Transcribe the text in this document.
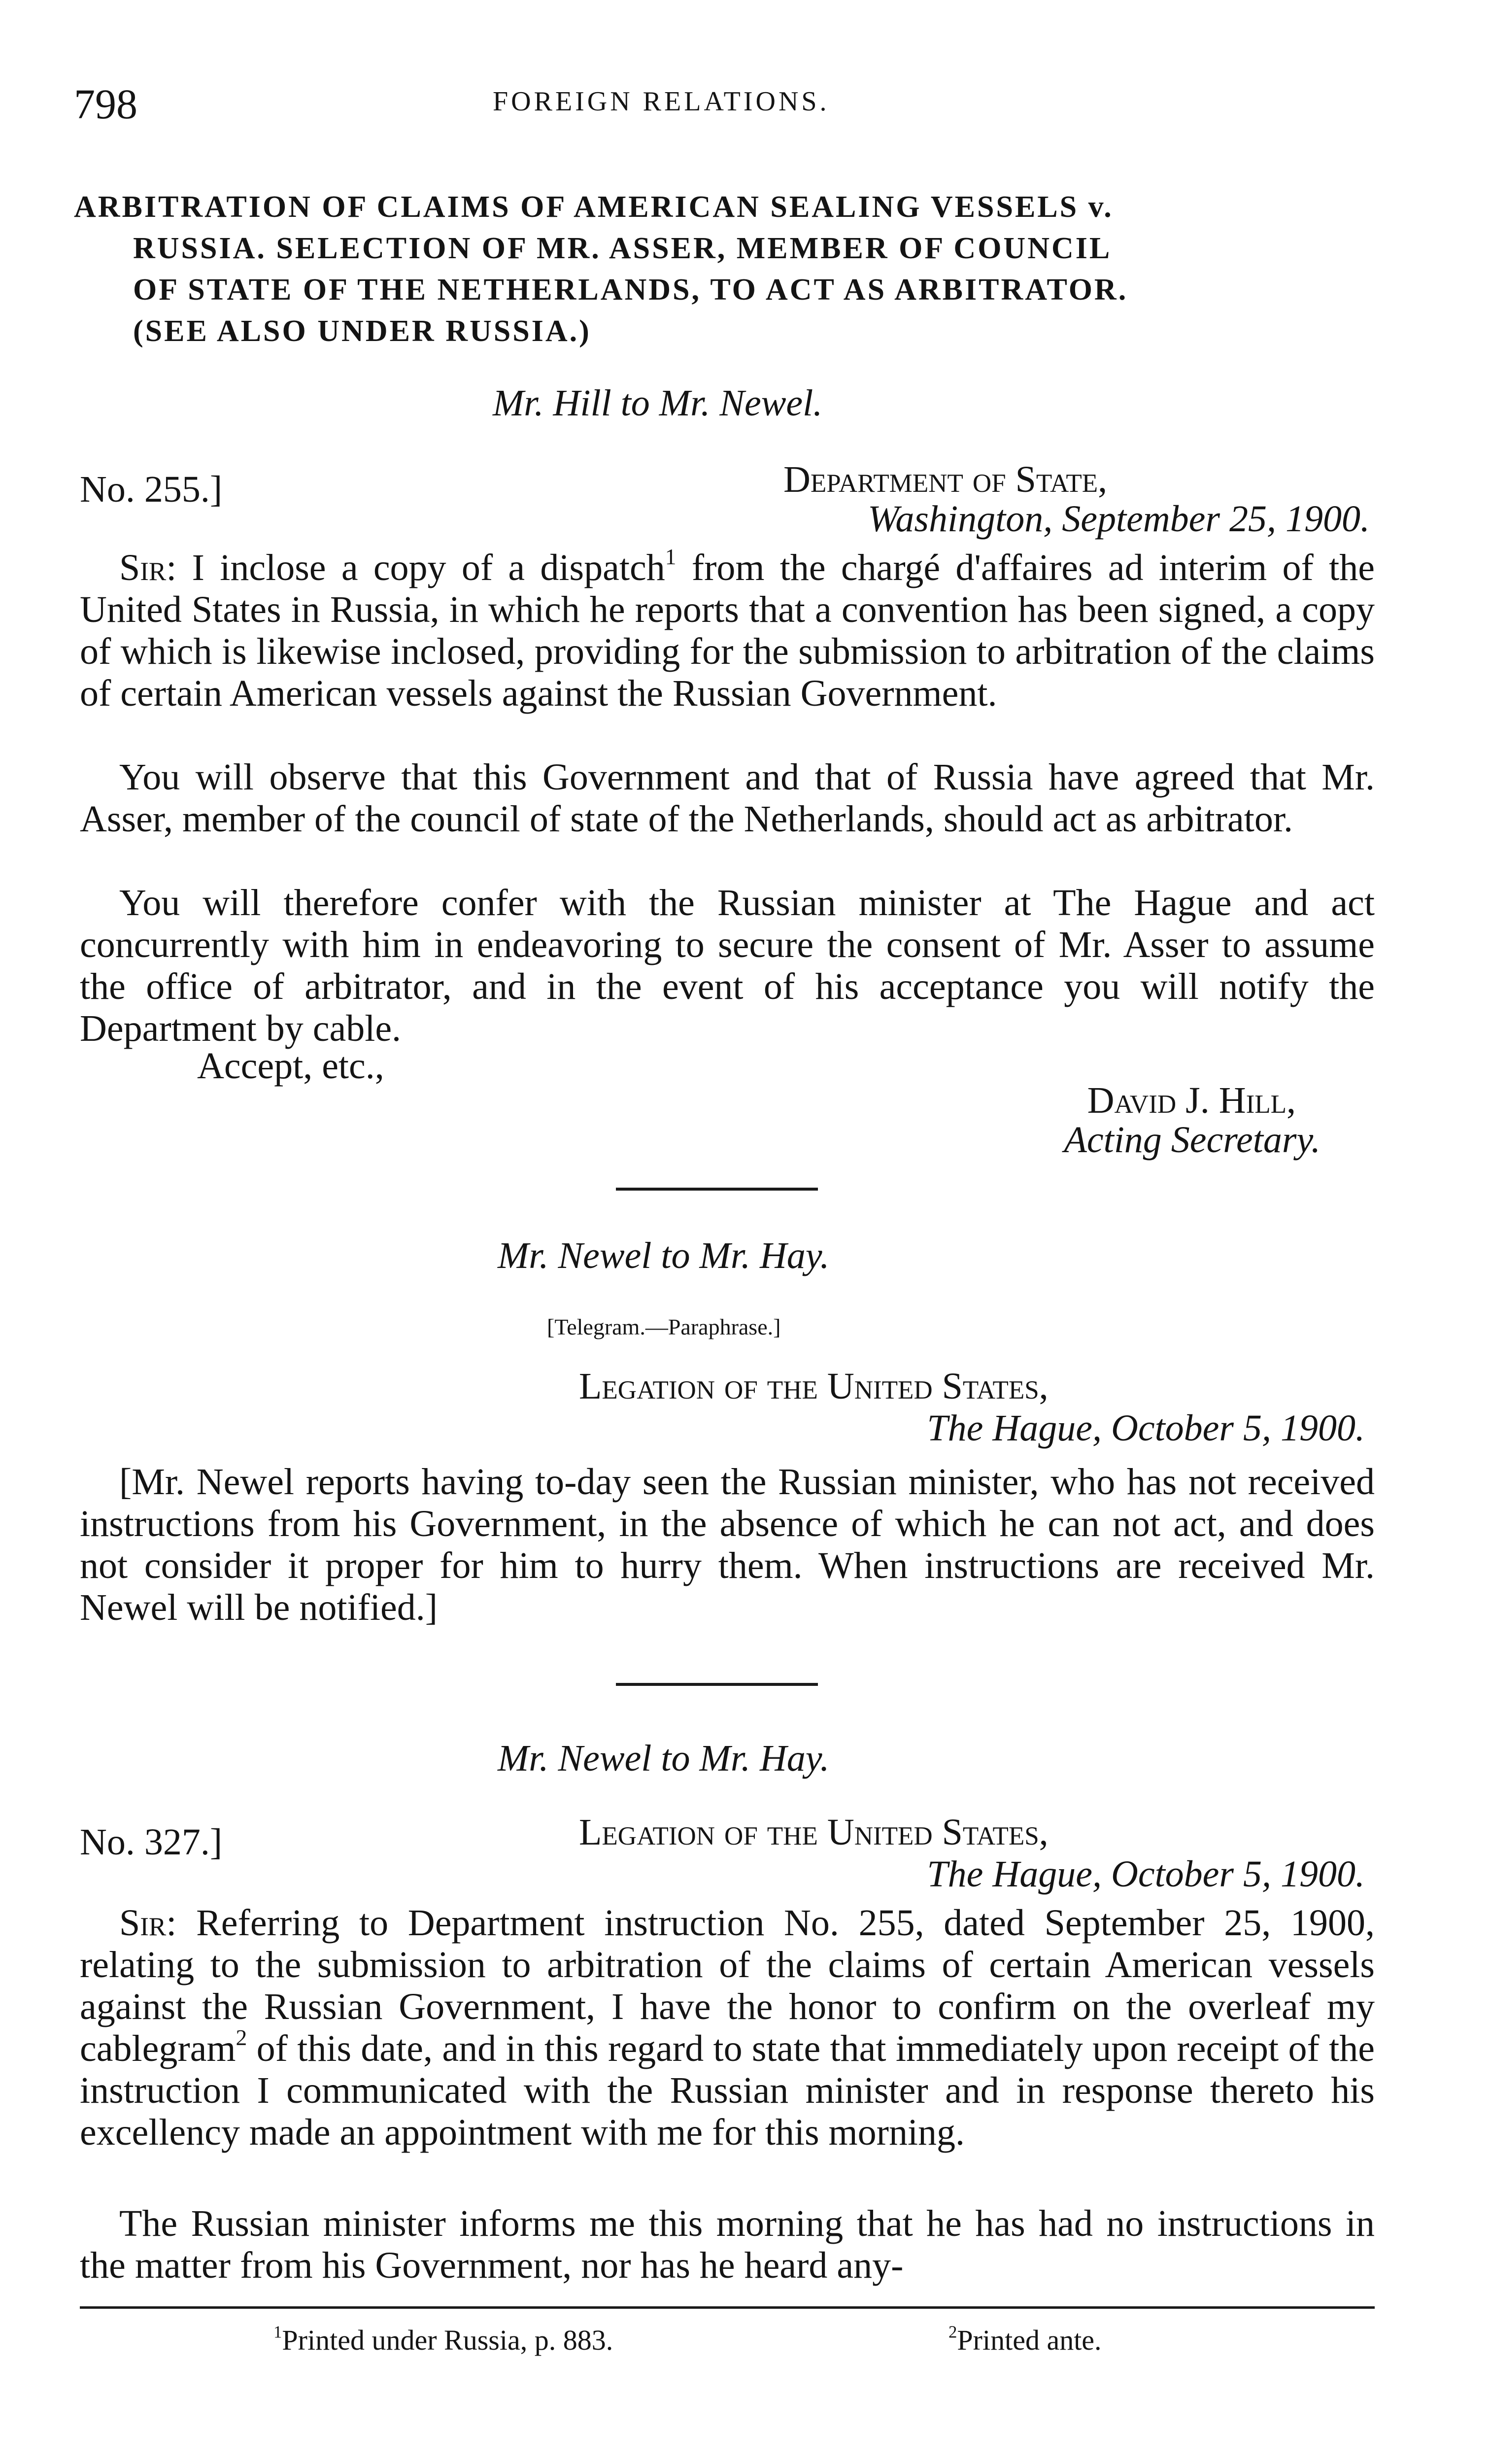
798	FOREIGN RELATIONS.
ARBITRATION OF CLAIMS OF AMERICAN SEALING VESSELS v.
RUSSIA. SELECTION OF MR. ASSER, MEMBER OF COUNCIL
OF STATE OF THE NETHERLANDS, TO ACT AS ARBITRATOR.
(SEE ALSO UNDER RUSSIA.)
Mr. Hill to Mr. Newel.
No. 255.]	Department of State,
Washington, September 25, 1900.
Sir: I inclose a copy of a dispatch$^1$ from the chargé d'affaires ad interim of the United States in Russia, in which he reports that a convention has been signed, a copy of which is likewise inclosed, providing for the submission to arbitration of the claims of certain American vessels against the Russian Government.
You will observe that this Government and that of Russia have agreed that Mr. Asser, member of the council of state of the Netherlands, should act as arbitrator.
You will therefore confer with the Russian minister at The Hague and act concurrently with him in endeavoring to secure the consent of Mr. Asser to assume the office of arbitrator, and in the event of his acceptance you will notify the Department by cable.
Accept, etc.,
David J. Hill,
Acting Secretary.
Mr. Newel to Mr. Hay.
[Telegram.—Paraphrase.]
Legation of the United States,
The Hague, October 5, 1900.
[Mr. Newel reports having to-day seen the Russian minister, who has not received instructions from his Government, in the absence of which he can not act, and does not consider it proper for him to hurry them. When instructions are received Mr. Newel will be notified.]
Mr. Newel to Mr. Hay.
No. 327.]	Legation of the United States,
The Hague, October 5, 1900.
Sir: Referring to Department instruction No. 255, dated September 25, 1900, relating to the submission to arbitration of the claims of certain American vessels against the Russian Government, I have the honor to confirm on the overleaf my cablegram$^2$ of this date, and in this regard to state that immediately upon receipt of the instruction I communicated with the Russian minister and in response thereto his excellency made an appointment with me for this morning.
The Russian minister informs me this morning that he has had no instructions in the matter from his Government, nor has he heard any-
$^1$Printed under Russia, p. 883.	$^2$Printed ante.
